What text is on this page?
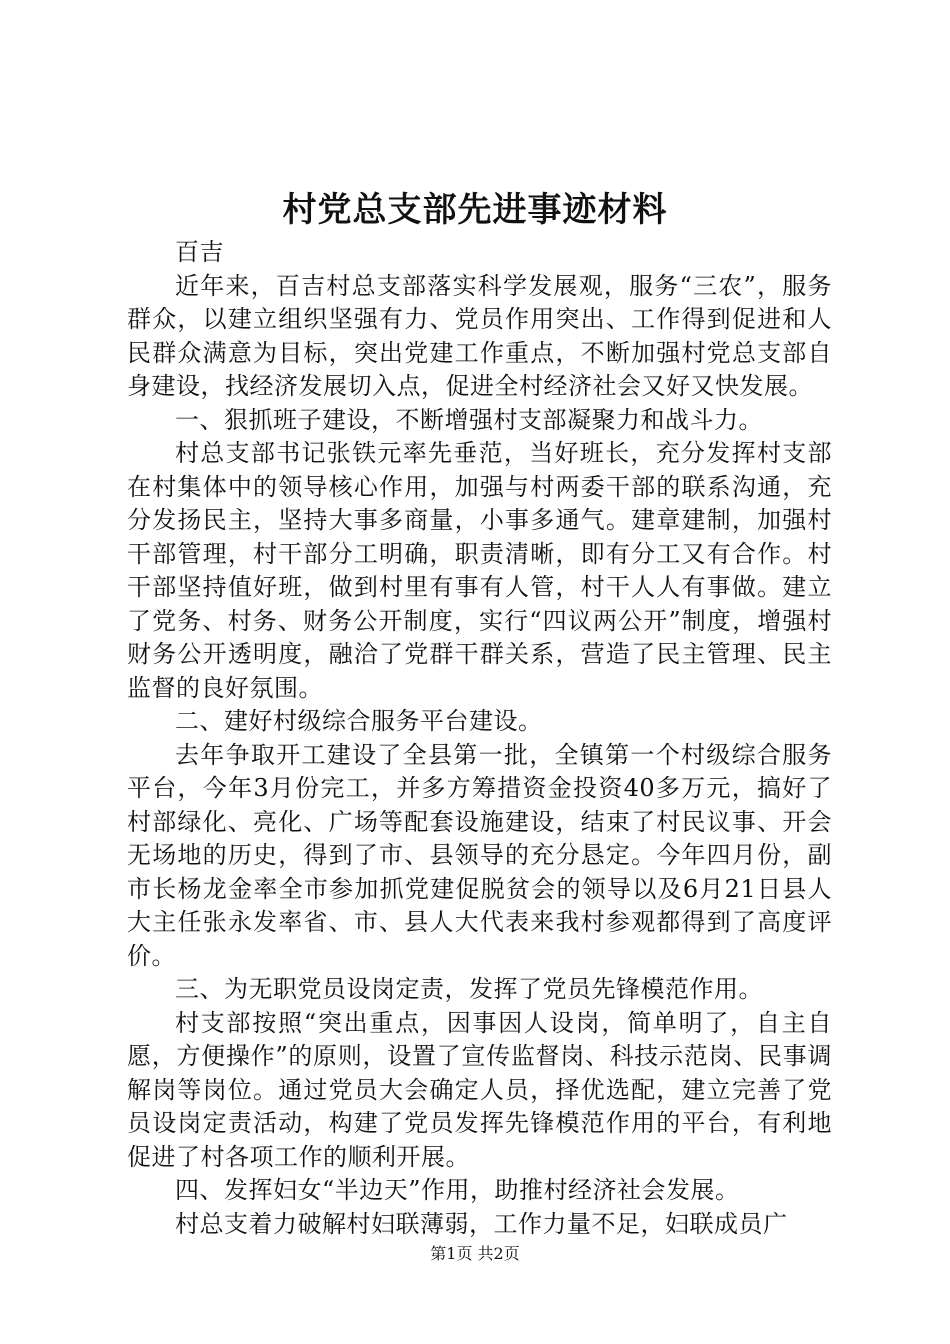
村党总支部先进事迹材料

百吉

近年来，百吉村总支部落实科学发展观，服务“三农”，服务群众，以建立组织坚强有力、党员作用突出、工作得到促进和人民群众满意为目标，突出党建工作重点，不断加强村党总支部自身建设，找经济发展切入点，促进全村经济社会又好又快发展。

一、狠抓班子建设，不断增强村支部凝聚力和战斗力。

村总支部书记张铁元率先垂范，当好班长，充分发挥村支部在村集体中的领导核心作用，加强与村两委干部的联系沟通，充分发扬民主，坚持大事多商量，小事多通气。建章建制，加强村干部管理，村干部分工明确，职责清晰，即有分工又有合作。村干部坚持值好班，做到村里有事有人管，村干人人有事做。建立了党务、村务、财务公开制度，实行“四议两公开”制度，增强村财务公开透明度，融洽了党群干群关系，营造了民主管理、民主监督的良好氛围。

二、建好村级综合服务平台建设。

去年争取开工建设了全县第一批，全镇第一个村级综合服务平台，今年3月份完工，并多方筹措资金投资40多万元，搞好了村部绿化、亮化、广场等配套设施建设，结束了村民议事、开会无场地的历史，得到了市、县领导的充分恳定。今年四月份，副市长杨龙金率全市参加抓党建促脱贫会的领导以及6月21日县人大主任张永发率省、市、县人大代表来我村参观都得到了高度评价。

三、为无职党员设岗定责，发挥了党员先锋模范作用。

村支部按照“突出重点，因事因人设岗，简单明了，自主自愿，方便操作”的原则，设置了宣传监督岗、科技示范岗、民事调解岗等岗位。通过党员大会确定人员，择优选配，建立完善了党员设岗定责活动，构建了党员发挥先锋模范作用的平台，有利地促进了村各项工作的顺利开展。

四、发挥妇女“半边天”作用，助推村经济社会发展。

村总支着力破解村妇联薄弱，工作力量不足，妇联成员广

第1页 共2页
